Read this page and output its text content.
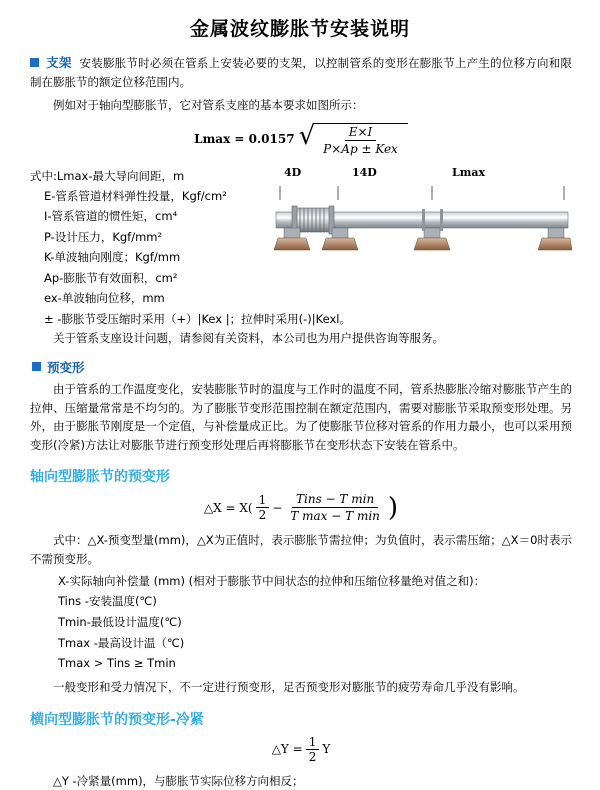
金属波纹膨胀节安装说明
支架 安装膨胀节时必须在管系上安装必要的支架，以控制管系的变形在膨胀节上产生的位移方向和限制在膨胀节的额定位移范围内。

例如对于轴向型膨胀节，它对管系支座的基本要求如图所示：

Lmax = 0.0157 √ $\frac{E\times I}{\text{P×Ap ± Kex}}$
式中:Lmax-最大导向间距，m
E-管系管道材料弹性投量，Kgf/cm²
I-管系管道的惯性矩，cm⁴
P-设计压力，Kgf/mm²
K-单波轴向刚度；Kgf/mm
Ap-膨胀节有效面积，cm²
ex-单波轴向位移，mm
± -膨胀节受压缩时采用（+）|Kex |；拉伸时采用(-)|Kexl。
4D	14D	Lmax

关于管系支座设计问题，请参阅有关资料，本公司也为用户提供咨询等服务。

预变形

由于管系的工作温度变化，安装膨胀节时的温度与工作时的温度不同，管系热膨胀冷缩对膨胀节产生的拉伸、压缩量常常是不均匀的。为了膨胀节变形范围控制在额定范围内，需要对膨胀节采取预变形处理。另外，由于膨胀节刚度是一个定值，与补偿量成正比。为了使膨胀节位移对管系的作用力最小，也可以采用预变形(冷紧)方法让对膨胀节进行预变形处理后再将膨胀节在变形状态下安装在管系中。

轴向型膨胀节的预变形
△X = $X( \frac{1}{2} - \frac{\text{Tins − T min}}{\text{T max − T min}}$ )

式中：△X-预变型量(mm)，△X为正值时，表示膨胀节需拉伸；为负值时，表示需压缩；△X＝0时表示不需预变形。

X-实际轴向补偿量 (mm) (相对于膨胀节中间状态的拉伸和压缩位移量绝对值之和)：
Tins -安装温度(℃)
Tmin-最低设计温度(℃)
Tmax -最高设计温（℃)
Tmax > Tins ≥ Tmin

一般变形和受力情况下，不一定进行预变形，足否预变形对膨胀节的疲劳寿命几乎没有影响。

横向型膨胀节的预变形-冷紧
△Y = $\frac{1}{2}$ Y

△Y -冷紧量(mm)，与膨胀节实际位移方向相反；
